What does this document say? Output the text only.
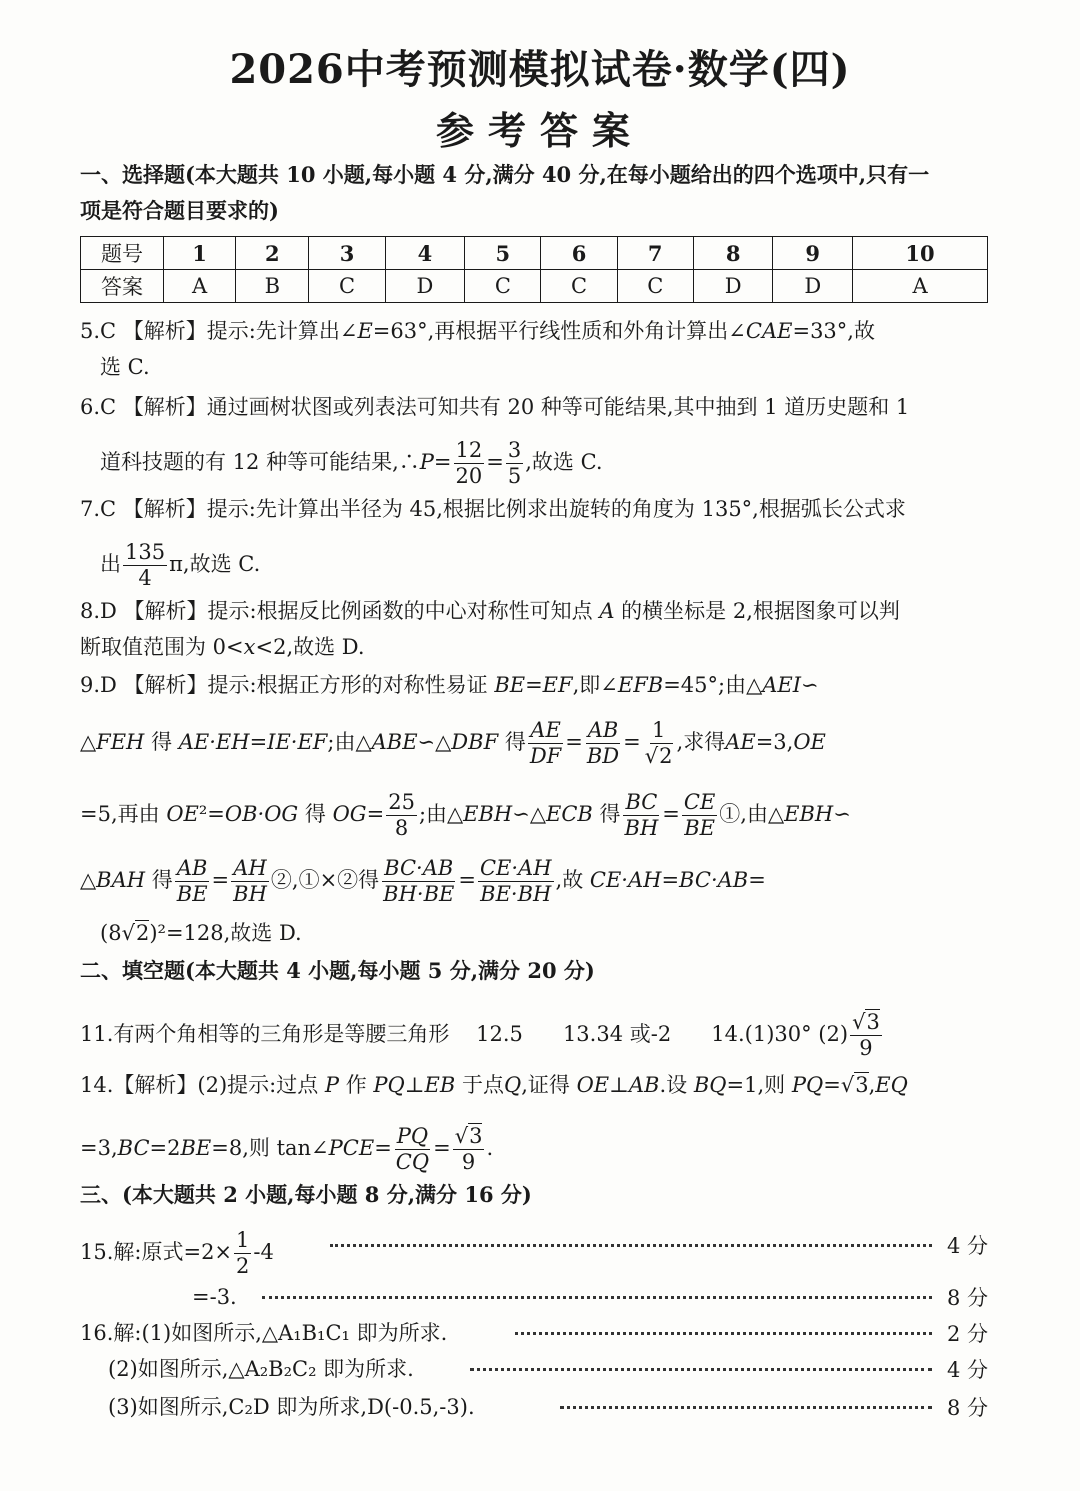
2026中考预测模拟试卷·数学(四)
参考答案
一、选择题(本大题共 10 小题,每小题 4 分,满分 40 分,在每小题给出的四个选项中,只有一
项是符合题目要求的)
题号	1	2	3	4	5	6	7	8	9	10
答案	A	B	C	D	C	C	C	D	D	A
5.C 【解析】提示:先计算出∠E=63°,再根据平行线性质和外角计算出∠CAE=33°,故
选 C.
6.C 【解析】通过画树状图或列表法可知共有 20 种等可能结果,其中抽到 1 道历史题和 1
道科技题的有 12 种等可能结果,∴P= $\frac{12}{20} = \frac{3}{5}$ ,故选 C.
7.C 【解析】提示:先计算出半径为 45,根据比例求出旋转的角度为 135°,根据弧长公式求
出 $\frac{135}{4} \pi$,故选 C.
8.D 【解析】提示:根据反比例函数的中心对称性可知点 A 的横坐标是 2,根据图象可以判
断取值范围为 0<x<2,故选 D.
9.D 【解析】提示:根据正方形的对称性易证 BE=EF,即∠EFB=45°;由△AEI∽
△FEH 得 AE·EH=IE·EF;由△ABE∽△DBF 得 $\frac{AE}{DF} = \frac{AB}{BD} = \frac{1}{√2}$ ,求得AE=3,OE
=5,再由 OE²=OB·OG 得 $OG= \frac{25}{8}$ ;由△EBH∽△ECB 得 $\frac{BC}{BH} = \frac{CE}{BE}$ ①,由△EBH∽
△BAH 得 $\frac{AB}{BE} = \frac{AH}{BH}$ ②,①×②得 $\frac{BC\cdot AB}{BH\cdot BE} = \frac{CE\cdot AH}{BE\cdot BH}$ ,故 CE·AH=BC·AB=
(8√2)²=128,故选 D.
二、填空题(本大题共 4 小题,每小题 5 分,满分 20 分)
11.有两个角相等的三角形是等腰三角形 12.5 13.34 或-2 14.(1)30° $(2) \frac{√3}{9}$
14.【解析】(2)提示:过点 P 作 PQ⊥EB 于点Q,证得 OE⊥AB.设 BQ=1,则 PQ=√3,EQ
=3,BC=2BE=8,则 tan∠PCE= $\frac{PQ}{CQ} = \frac{√3}{9}$ .
三、(本大题共 2 小题,每小题 8 分,满分 16 分)
15.解:原式$=2\times \frac{1}{2} -4$	4 分
=-3.	8 分
16.解:(1)如图所示,△A₁B₁C₁ 即为所求.	2 分
(2)如图所示,△A₂B₂C₂ 即为所求.	4 分
(3)如图所示,C₂D 即为所求,D(-0.5,-3).	8 分
